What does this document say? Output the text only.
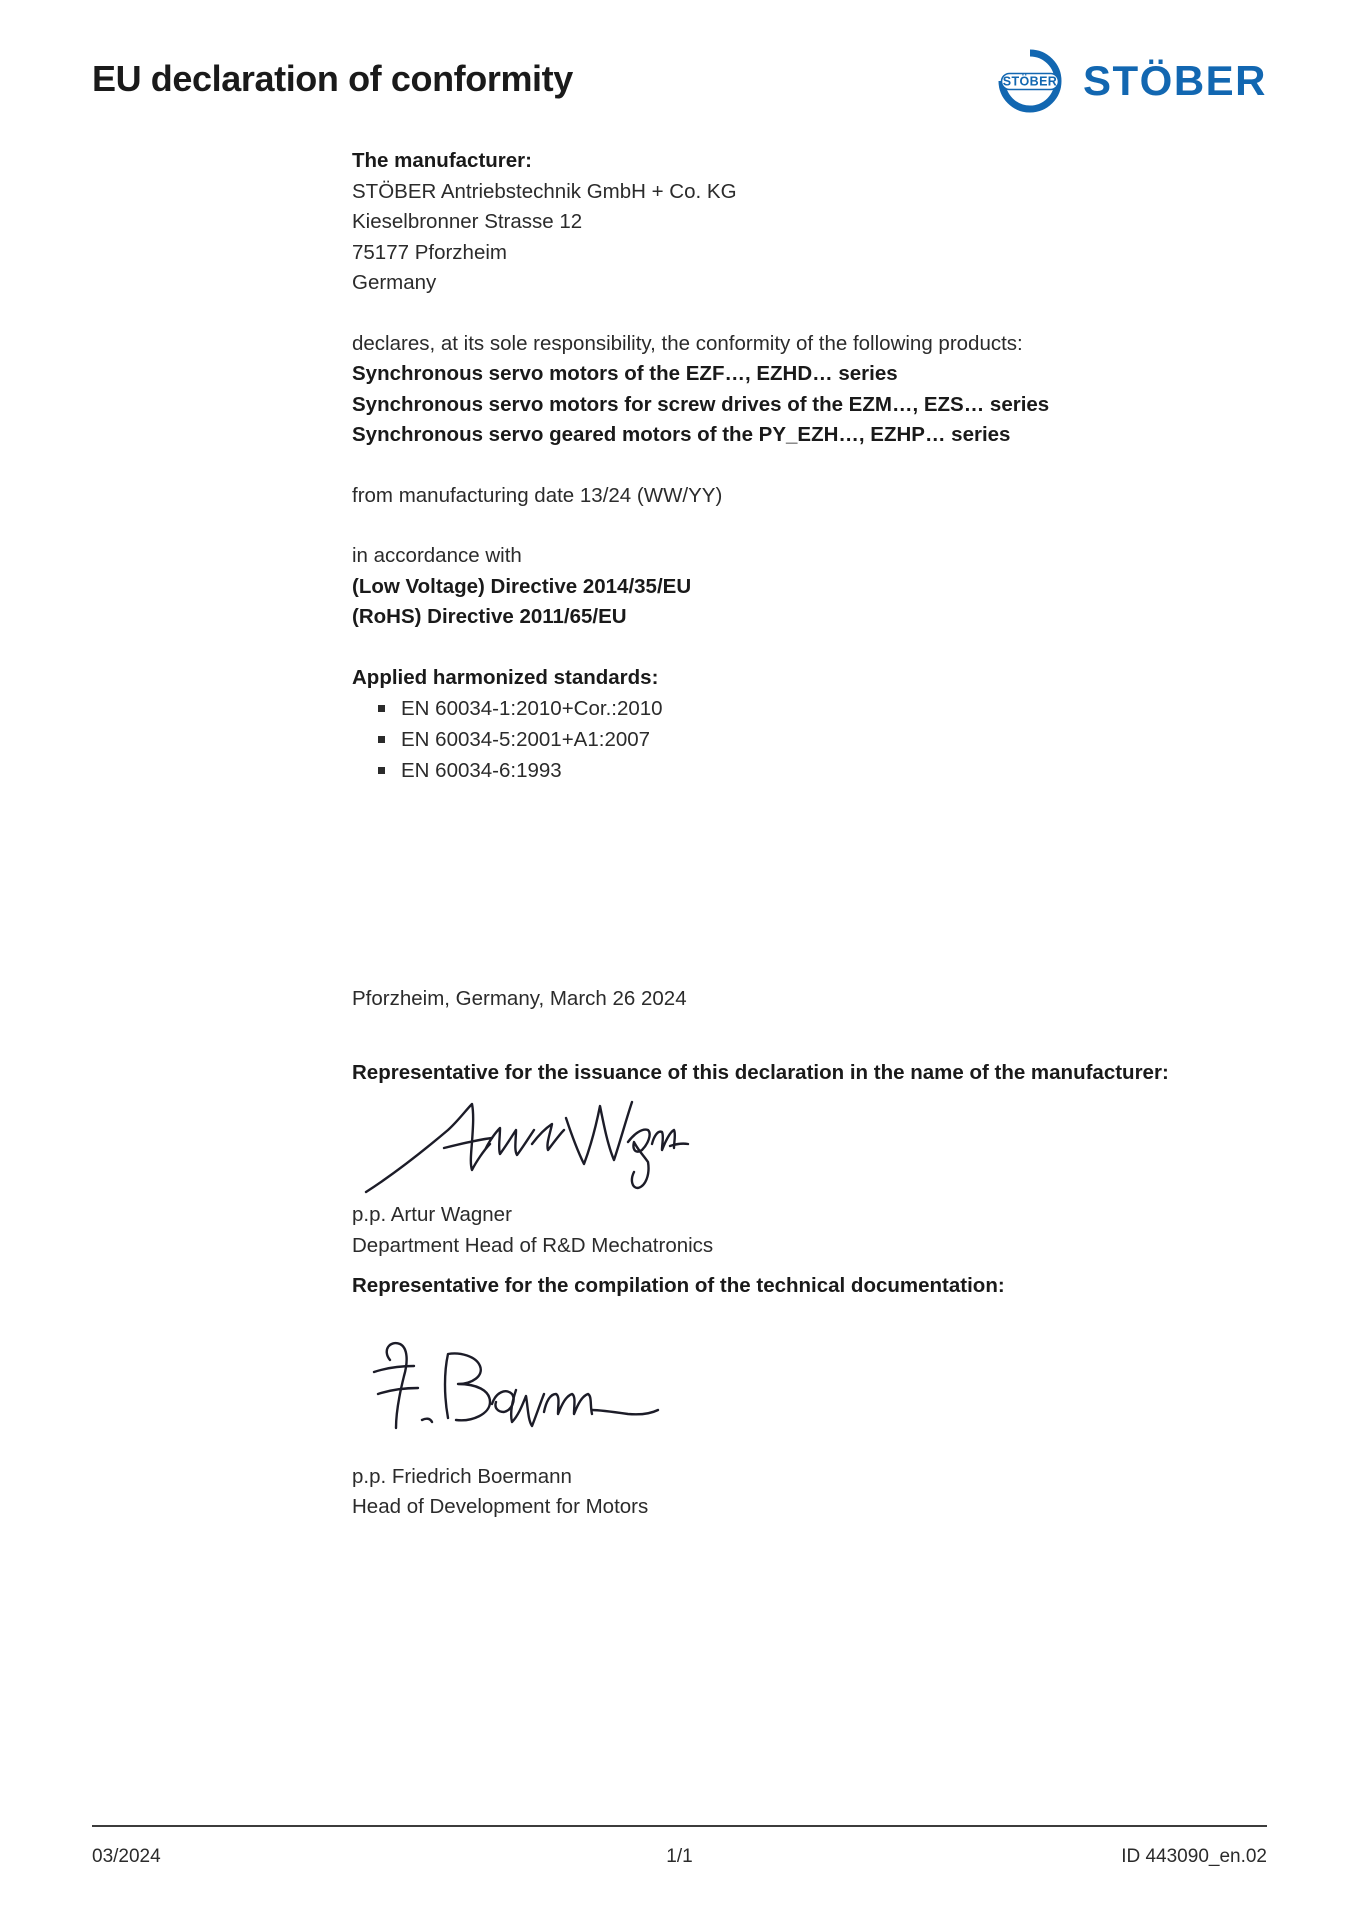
EU declaration of conformity	STÖBER STÖBER
The manufacturer:
STÖBER Antriebstechnik GmbH + Co. KG
Kieselbronner Strasse 12
75177 Pforzheim
Germany
declares, at its sole responsibility, the conformity of the following products:
Synchronous servo motors of the EZF…, EZHD… series
Synchronous servo motors for screw drives of the EZM…, EZS… series
Synchronous servo geared motors of the PY_EZH…, EZHP… series
from manufacturing date 13/24 (WW/YY)
in accordance with
(Low Voltage) Directive 2014/35/EU
(RoHS) Directive 2011/65/EU
Applied harmonized standards:
EN 60034-1:2010+Cor.:2010
EN 60034-5:2001+A1:2007
EN 60034-6:1993
Pforzheim, Germany, March 26 2024
Representative for the issuance of this declaration in the name of the manufacturer:
p.p. Artur Wagner
Department Head of R&D Mechatronics
Representative for the compilation of the technical documentation:
p.p. Friedrich Boermann
Head of Development for Motors
03/2024	1/1	ID 443090_en.02
